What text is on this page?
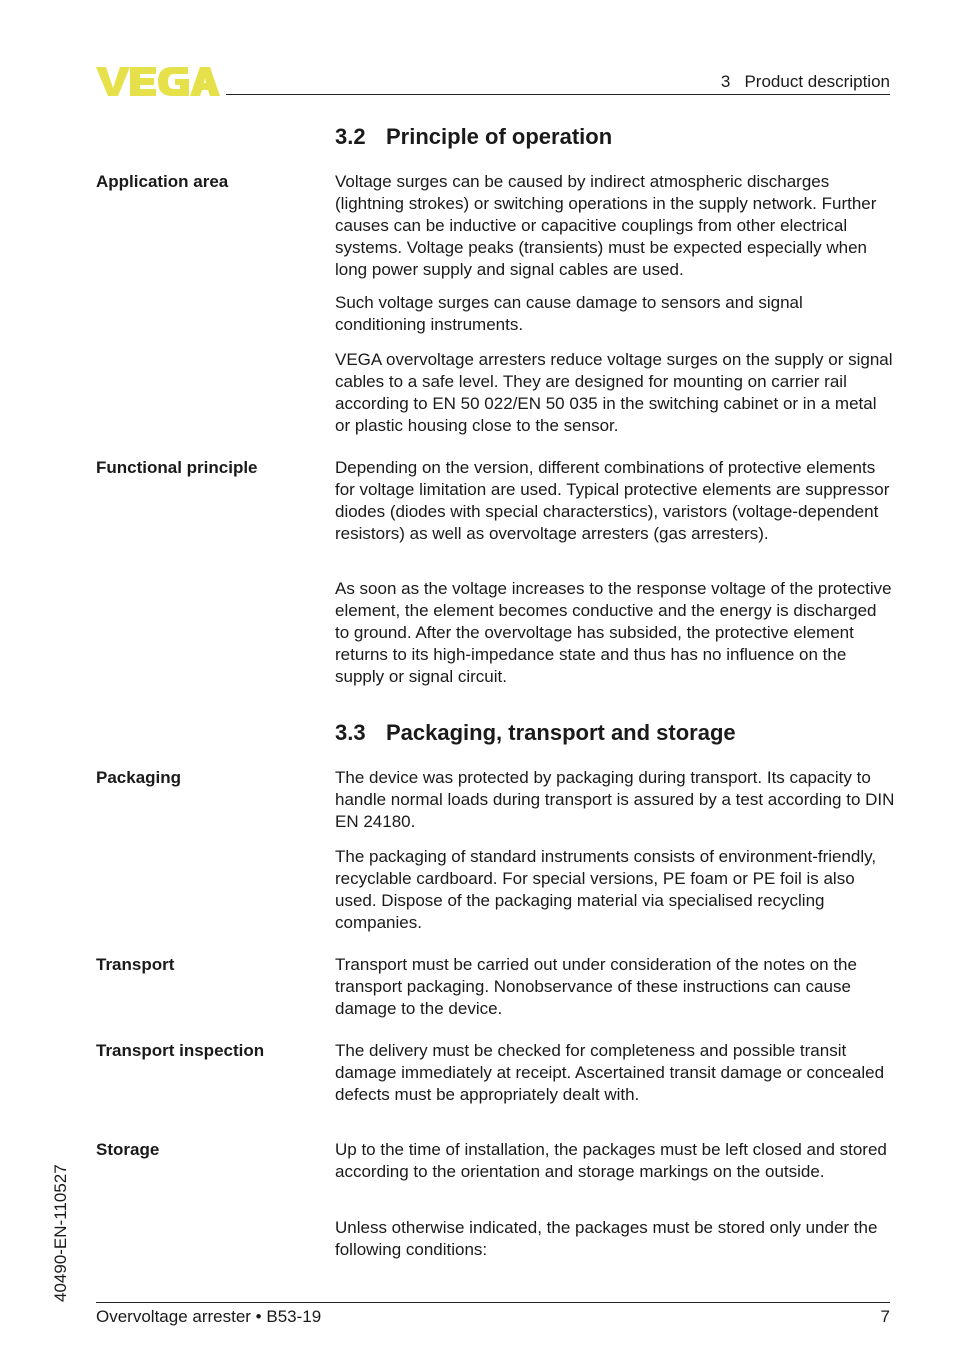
3   Product description
3.2 Principle of operation
Application area	Voltage surges can be caused by indirect atmospheric discharges (lightning strokes) or switching operations in the supply network. Further causes can be inductive or capacitive couplings from other electrical systems. Voltage peaks (transients) must be expected especially when long power supply and signal cables are used.
Such voltage surges can cause damage to sensors and signal conditioning instruments.
VEGA overvoltage arresters reduce voltage surges on the supply or signal cables to a safe level. They are designed for mounting on carrier rail according to EN 50 022/EN 50 035 in the switching cabinet or in a metal or plastic housing close to the sensor.
Functional principle	Depending on the version, different combinations of protective elements for voltage limitation are used. Typical protective elements are suppressor diodes (diodes with special characterstics), varistors (voltage-dependent resistors) as well as overvoltage arresters (gas arresters).
As soon as the voltage increases to the response voltage of the protective element, the element becomes conductive and the energy is discharged to ground. After the overvoltage has subsided, the protective element returns to its high-impedance state and thus has no influence on the supply or signal circuit.
3.3 Packaging, transport and storage
Packaging	The device was protected by packaging during transport. Its capacity to handle normal loads during transport is assured by a test according to DIN EN 24180.
The packaging of standard instruments consists of environment-friendly, recyclable cardboard. For special versions, PE foam or PE foil is also used. Dispose of the packaging material via specialised recycling companies.
Transport	Transport must be carried out under consideration of the notes on the transport packaging. Nonobservance of these instructions can cause damage to the device.
Transport inspection	The delivery must be checked for completeness and possible transit damage immediately at receipt. Ascertained transit damage or concealed defects must be appropriately dealt with.
Storage	Up to the time of installation, the packages must be left closed and stored according to the orientation and storage markings on the outside.
Unless otherwise indicated, the packages must be stored only under the following conditions:
40490-EN-110527
Overvoltage arrester • B53-19	7
